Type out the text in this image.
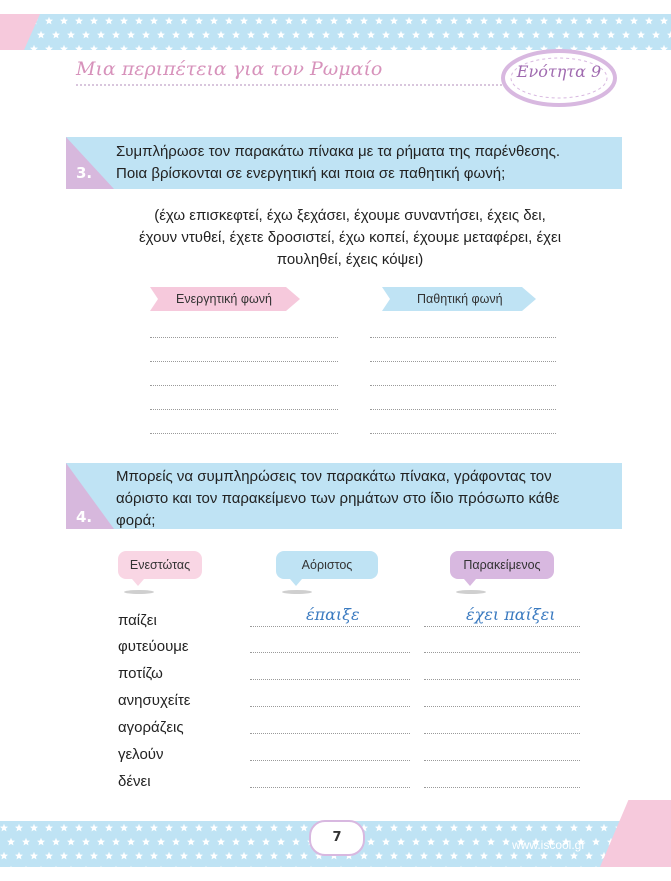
Μια περιπέτεια για τον Ρωμαίο	Ενότητα 9
3.
Συμπλήρωσε τον παρακάτω πίνακα με τα ρήματα της παρένθεσης.
Ποια βρίσκονται σε ενεργητική και ποια σε παθητική φωνή;
(έχω επισκεφτεί, έχω ξεχάσει, έχουμε συναντήσει, έχεις δει,
έχουν ντυθεί, έχετε δροσιστεί, έχω κοπεί, έχουμε μεταφέρει, έχει
πουληθεί, έχεις κόψει)
Ενεργητική φωνή	Παθητική φωνή
4.
Μπορείς να συμπληρώσεις τον παρακάτω πίνακα, γράφοντας τον
αόριστο και τον παρακείμενο των ρημάτων στο ίδιο πρόσωπο κάθε
φορά;
Ενεστώτας	Αόριστος	Παρακείμενος
παίζει	έπαιξε	έχει παίξει
φυτεύουμε
ποτίζω
ανησυχείτε
αγοράζεις
γελούν
δένει
7	www.iscool.gr
